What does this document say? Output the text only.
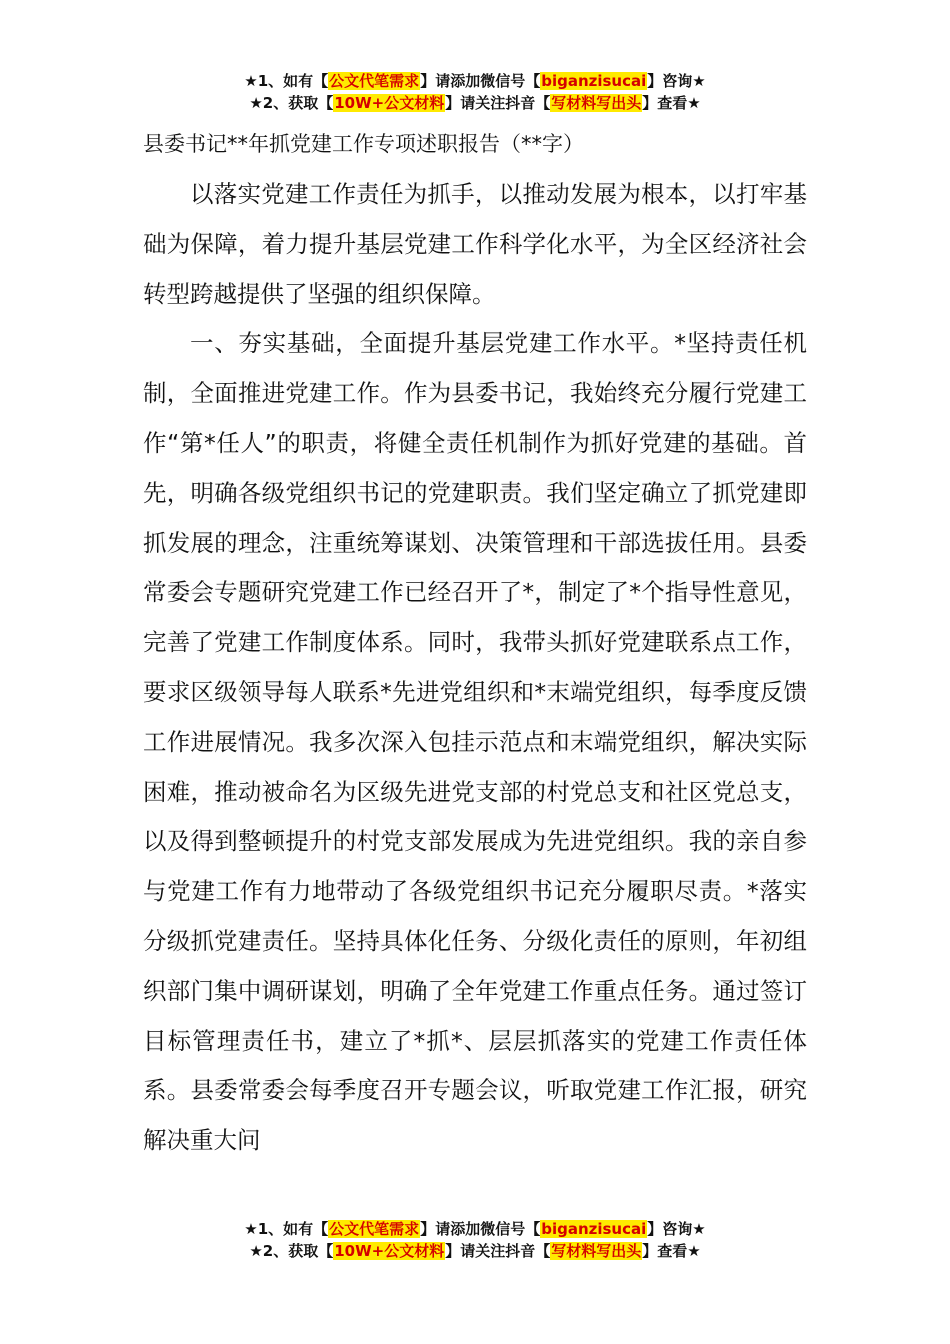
★1、如有【公文代笔需求】请添加微信号【biganzisucai】咨询★
★2、获取【10W+公文材料】请关注抖音【写材料写出头】查看★
县委书记**年抓党建工作专项述职报告（**字）

以落实党建工作责任为抓手，以推动发展为根本，以打牢基础为保障，着力提升基层党建工作科学化水平，为全区经济社会转型跨越提供了坚强的组织保障。

一、夯实基础，全面提升基层党建工作水平。*坚持责任机制，全面推进党建工作。作为县委书记，我始终充分履行党建工作“第*任人”的职责，将健全责任机制作为抓好党建的基础。首先，明确各级党组织书记的党建职责。我们坚定确立了抓党建即抓发展的理念，注重统筹谋划、决策管理和干部选拔任用。县委常委会专题研究党建工作已经召开了*，制定了*个指导性意见，完善了党建工作制度体系。同时，我带头抓好党建联系点工作，要求区级领导每人联系*先进党组织和*末端党组织，每季度反馈工作进展情况。我多次深入包挂示范点和末端党组织，解决实际困难，推动被命名为区级先进党支部的村党总支和社区党总支，以及得到整顿提升的村党支部发展成为先进党组织。我的亲自参与党建工作有力地带动了各级党组织书记充分履职尽责。*落实分级抓党建责任。坚持具体化任务、分级化责任的原则，年初组织部门集中调研谋划，明确了全年党建工作重点任务。通过签订目标管理责任书，建立了*抓*、层层抓落实的党建工作责任体系。县委常委会每季度召开专题会议，听取党建工作汇报，研究解决重大问

★1、如有【公文代笔需求】请添加微信号【biganzisucai】咨询★
★2、获取【10W+公文材料】请关注抖音【写材料写出头】查看★
